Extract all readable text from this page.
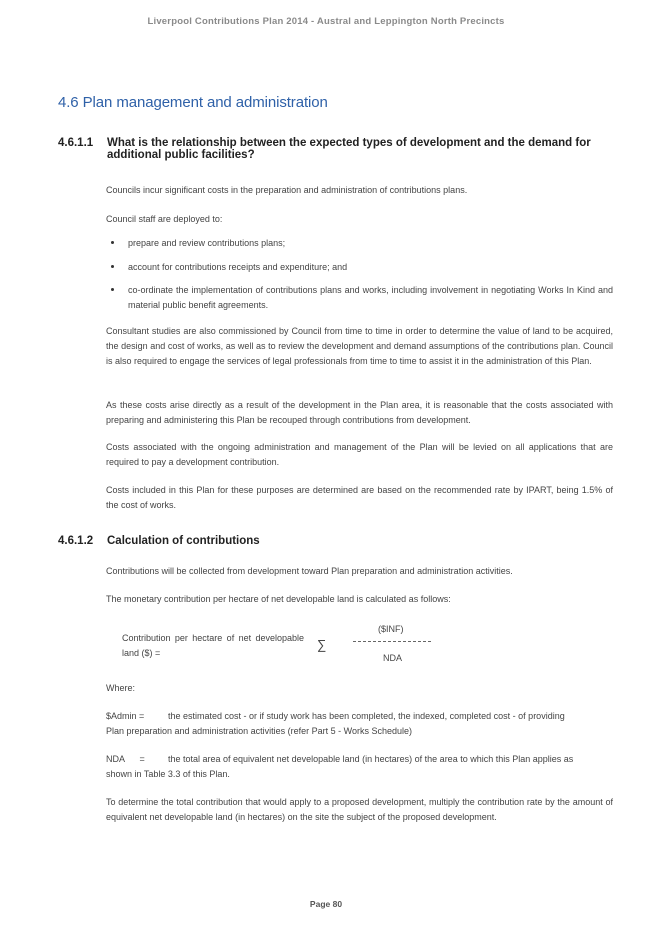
Liverpool Contributions Plan 2014 - Austral and Leppington North Precincts
4.6 Plan management and administration
4.6.1.1 What is the relationship between the expected types of development and the demand for
additional public facilities?
Councils incur significant costs in the preparation and administration of contributions plans.
Council staff are deployed to:
prepare and review contributions plans;
account for contributions receipts and expenditure; and
co-ordinate the implementation of contributions plans and works, including involvement in negotiating Works In Kind and material public benefit agreements.
Consultant studies are also commissioned by Council from time to time in order to determine the value of land to be acquired, the design and cost of works, as well as to review the development and demand assumptions of the contributions plan. Council is also required to engage the services of legal professionals from time to time to assist it in the administration of this Plan.
As these costs arise directly as a result of the development in the Plan area, it is reasonable that the costs associated with preparing and administering this Plan be recouped through contributions from development.
Costs associated with the ongoing administration and management of the Plan will be levied on all applications that are required to pay a development contribution.
Costs included in this Plan for these purposes are determined are based on the recommended rate by IPART, being 1.5% of the cost of works.
4.6.1.2 Calculation of contributions
Contributions will be collected from development toward Plan preparation and administration activities.
The monetary contribution per hectare of net developable land is calculated as follows:
Contribution per hectare of net developable land ($) =
∑
($INF)
NDA
Where:
$Admin =	the estimated cost - or if study work has been completed, the indexed, completed cost - of providing
Plan preparation and administration activities (refer Part 5 - Works Schedule)
NDA      =	the total area of equivalent net developable land (in hectares) of the area to which this Plan applies as
shown in Table 3.3 of this Plan.
To determine the total contribution that would apply to a proposed development, multiply the contribution rate by the amount of equivalent net developable land (in hectares) on the site the subject of the proposed development.
Page 80
